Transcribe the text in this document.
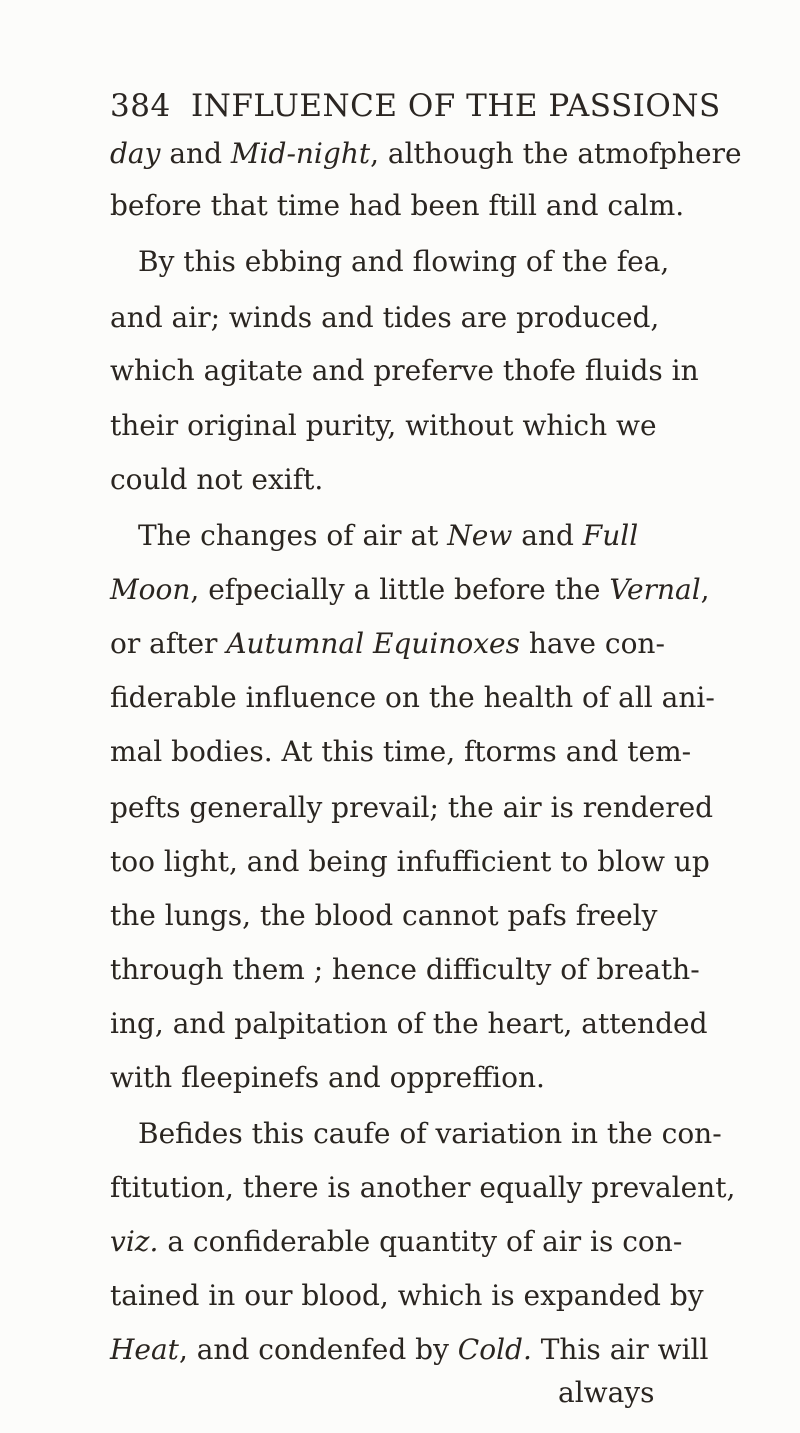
384 INFLUENCE OF THE PASSIONS
day and Mid-night, although the atmofphere
before that time had been ftill and calm.
By this ebbing and flowing of the fea,
and air; winds and tides are produced,
which agitate and preferve thofe fluids in
their original purity, without which we
could not exift.
The changes of air at New and Full
Moon, efpecially a little before the Vernal,
or after Autumnal Equinoxes have con-
fiderable influence on the health of all ani-
mal bodies. At this time, ftorms and tem-
pefts generally prevail; the air is rendered
too light, and being infufficient to blow up
the lungs, the blood cannot pafs freely
through them ; hence difficulty of breath-
ing, and palpitation of the heart, attended
with fleepinefs and oppreffion.
Befides this caufe of variation in the con-
ftitution, there is another equally prevalent,
viz. a confiderable quantity of air is con-
tained in our blood, which is expanded by
Heat, and condenfed by Cold. This air will
always
